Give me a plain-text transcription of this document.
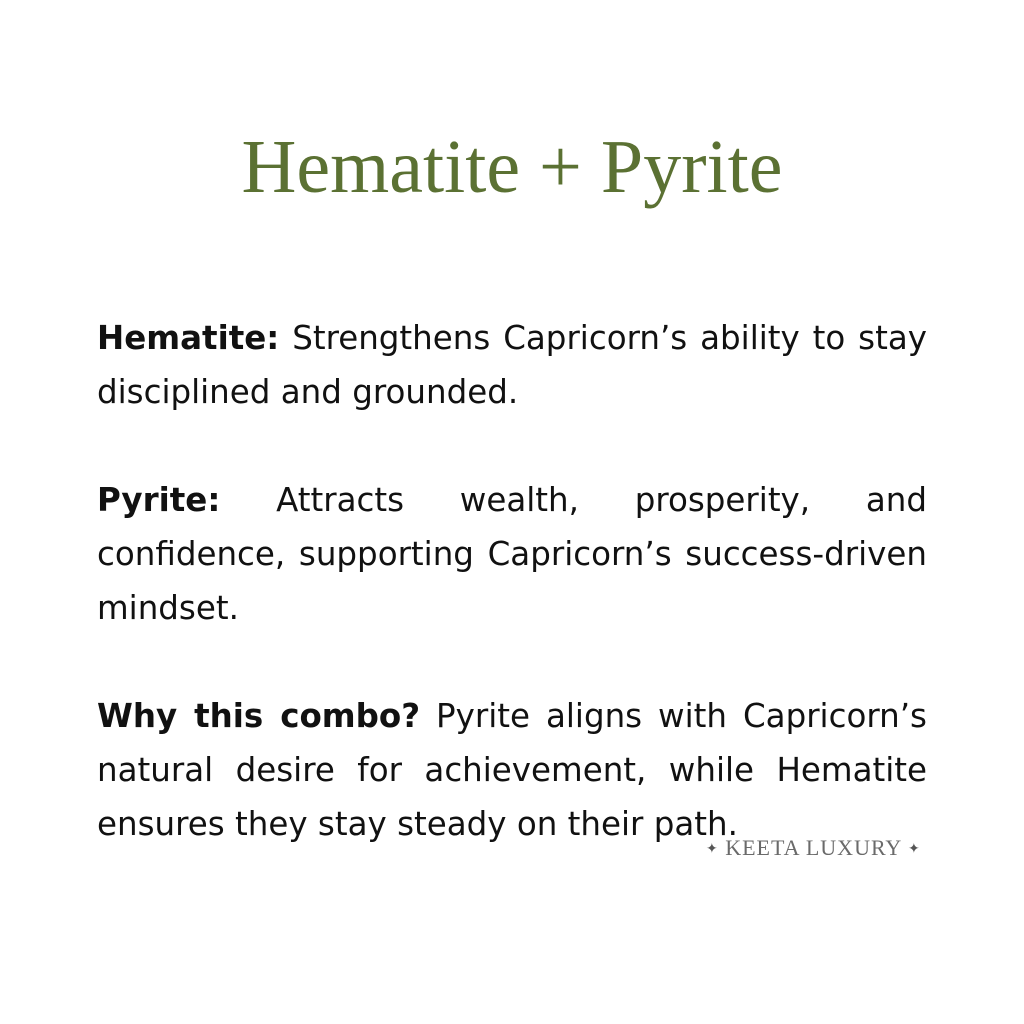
Hematite + Pyrite

Hematite: Strengthens Capricorn’s ability to stay disciplined and grounded.

Pyrite: Attracts wealth, prosperity, and confidence, supporting Capricorn’s success-driven mindset.

Why this combo? Pyrite aligns with Capricorn’s natural desire for achievement, while Hematite ensures they stay steady on their path.

✦ KEETA LUXURY ✦
